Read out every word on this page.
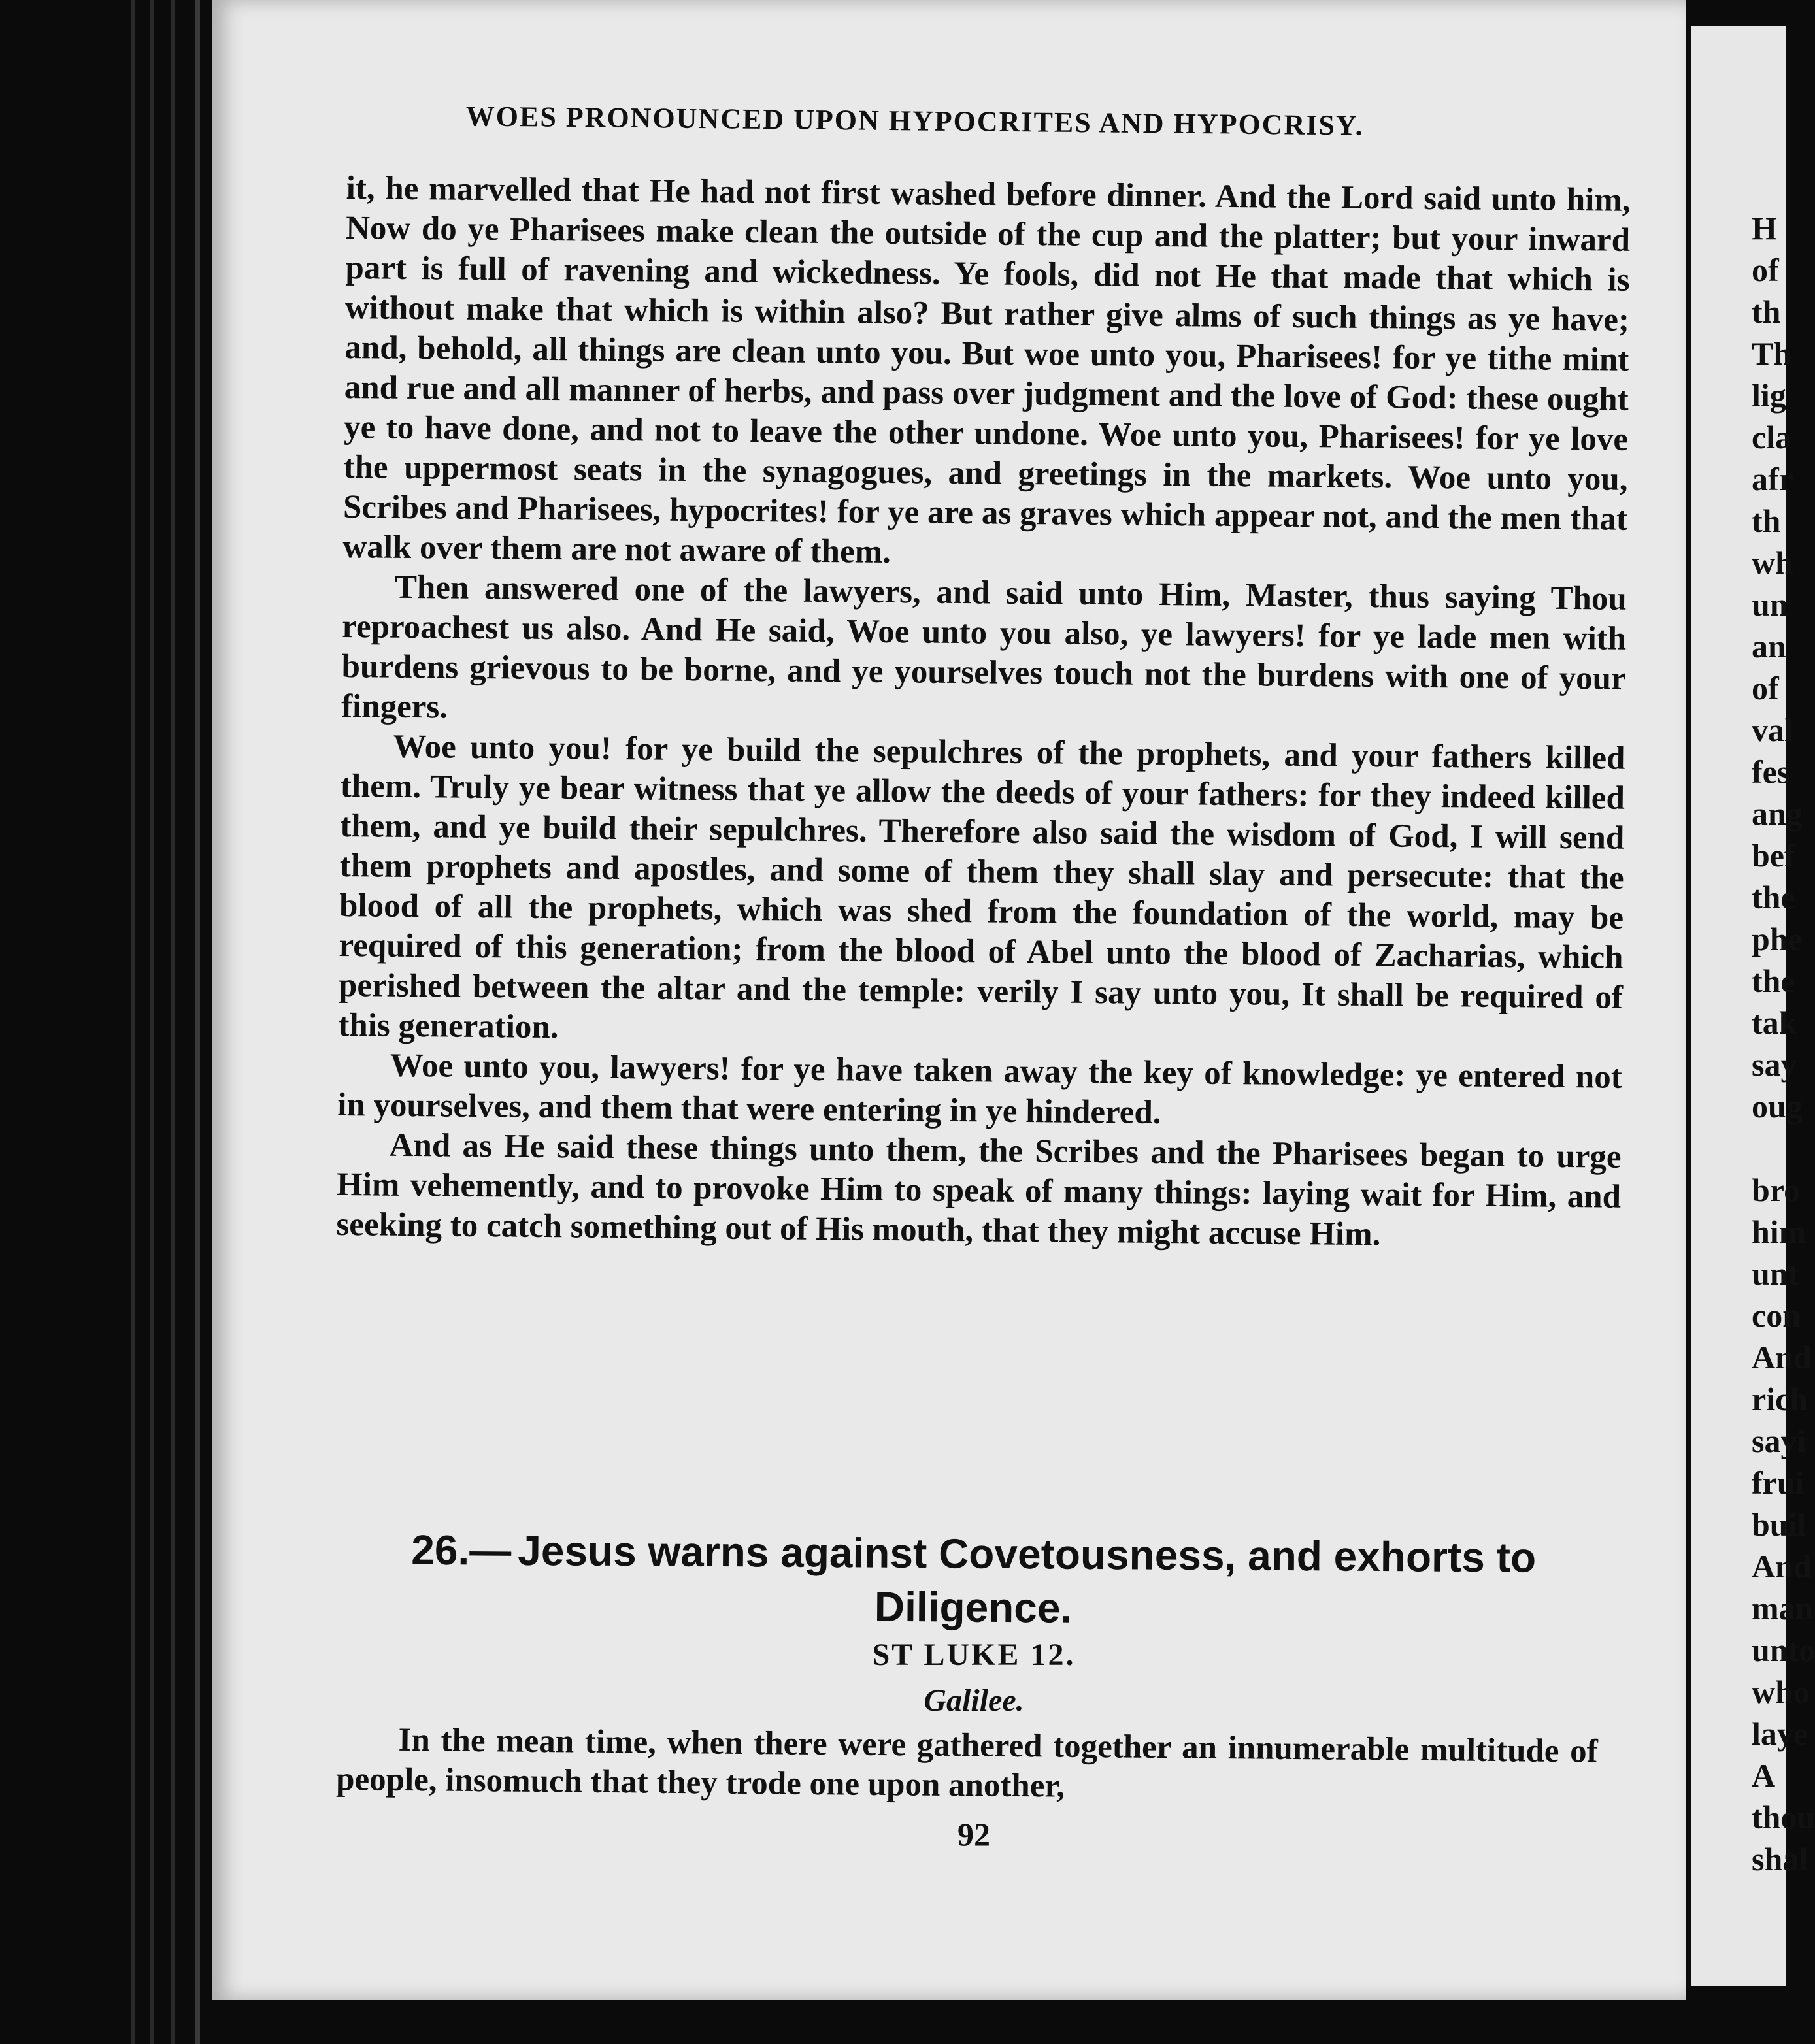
WOES PRONOUNCED UPON HYPOCRITES AND HYPOCRISY.

it, he marvelled that He had not first washed before dinner. And the Lord said unto him, Now do ye Pharisees make clean the outside of the cup and the platter; but your inward part is full of ravening and wickedness. Ye fools, did not He that made that which is without make that which is within also? But rather give alms of such things as ye have; and, behold, all things are clean unto you. But woe unto you, Pharisees! for ye tithe mint and rue and all manner of herbs, and pass over judgment and the love of God: these ought ye to have done, and not to leave the other undone. Woe unto you, Pharisees! for ye love the uppermost seats in the synagogues, and greetings in the markets. Woe unto you, Scribes and Pharisees, hypocrites! for ye are as graves which appear not, and the men that walk over them are not aware of them.

Then answered one of the lawyers, and said unto Him, Master, thus saying Thou reproachest us also. And He said, Woe unto you also, ye lawyers! for ye lade men with burdens grievous to be borne, and ye yourselves touch not the burdens with one of your fingers.

Woe unto you! for ye build the sepulchres of the prophets, and your fathers killed them. Truly ye bear witness that ye allow the deeds of your fathers: for they indeed killed them, and ye build their sepulchres. Therefore also said the wisdom of God, I will send them prophets and apostles, and some of them they shall slay and persecute: that the blood of all the prophets, which was shed from the foundation of the world, may be required of this generation; from the blood of Abel unto the blood of Zacharias, which perished between the altar and the temple: verily I say unto you, It shall be required of this generation.

Woe unto you, lawyers! for ye have taken away the key of knowledge: ye entered not in yourselves, and them that were entering in ye hindered.

And as He said these things unto them, the Scribes and the Pharisees began to urge Him vehemently, and to provoke Him to speak of many things: laying wait for Him, and seeking to catch something out of His mouth, that they might accuse Him.

26.— Jesus warns against Covetousness, and exhorts to Diligence.
ST LUKE 12.
Galilee.
In the mean time, when there were gathered together an innumerable multitude of people, insomuch that they trode one upon another,
92
H
of
th
Th
lig
cla
afr
th
wh
un
an
of
val
fes
ang
bef
the
phe
the
tak
say
oug
bro
him
unt
con
And
rich
sayi
frui
buil
And
man
unto
who
laye
A
thou
shal
